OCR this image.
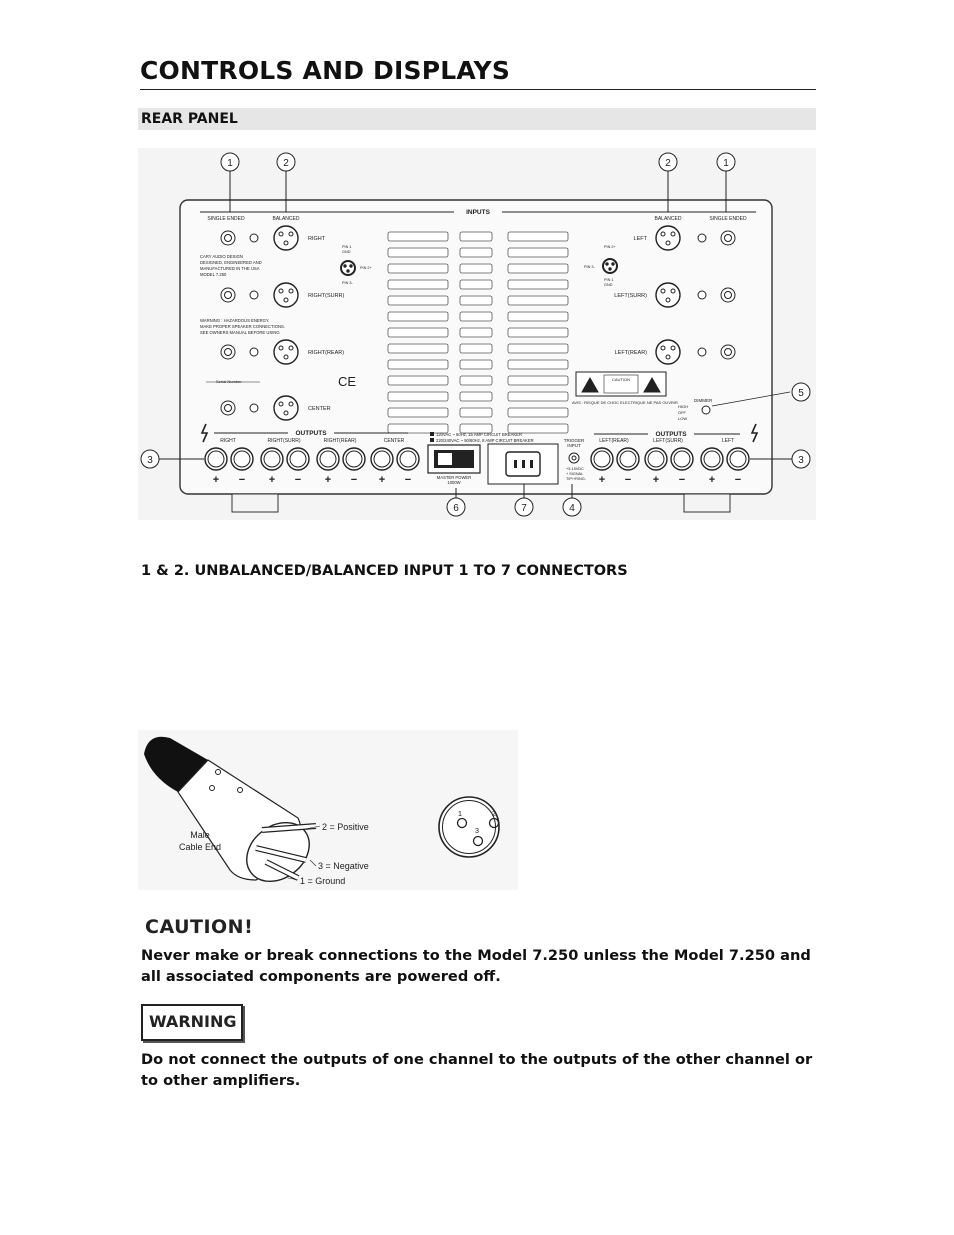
CONTROLS AND DISPLAYS
REAR PANEL
1	2	2	1
INPUTS
SINGLE ENDED	BALANCED	BALANCED	SINGLE ENDED
RIGHT
RIGHT(SURR)
RIGHT(REAR)
CENTER
CARY AUDIO DESIGN
DESIGNED, ENGINEERED AND
MANUFACTURED IN THE USA
MODEL 7.250
WARNING : HAZARDOUS ENERGY.
MAKE PROPER SPEAKER CONNECTIONS.
SEE OWNERS MANUAL BEFORE USING
Serial Number	CE
PIN 1
GND
PIN 2+
PIN 3-
PIN 2+
PIN 3-
PIN 1
GND
LEFT
LEFT(SURR)
LEFT(REAR)
CAUTION
AVIS : RISQUE DE CHOC ELECTRIQUE NE PAS OUVRIR	DIMMER
HIGH
OFF
LOW
5
OUTPUTS	OUTPUTS
RIGHT	RIGHT(SURR)	RIGHT(REAR)	CENTER	LEFT(REAR)	LEFT(SURR)	LEFT
+ − + − + − + −	+ − + − + −
120VAC ~ 60Hz, 15 AMP CIRCUIT BREAKER
220/240VAC ~ 50/60Hz, 8 AMP CIRCUIT BREAKER
MASTER POWER
1000W
TRIGGER
INPUT
+5-15VDC
+ SIGNAL
TIP/+RING-
3	3
6	7	4
1 & 2. UNBALANCED/BALANCED INPUT 1 TO 7 CONNECTORS
Male
Cable End
2 = Positive
3 = Negative
1 = Ground
1	2
3
CAUTION!
Never make or break connections to the Model 7.250 unless the Model 7.250 and all associated components are powered off.
WARNING
Do not connect the outputs of one channel to the outputs of the other channel or to other amplifiers.
